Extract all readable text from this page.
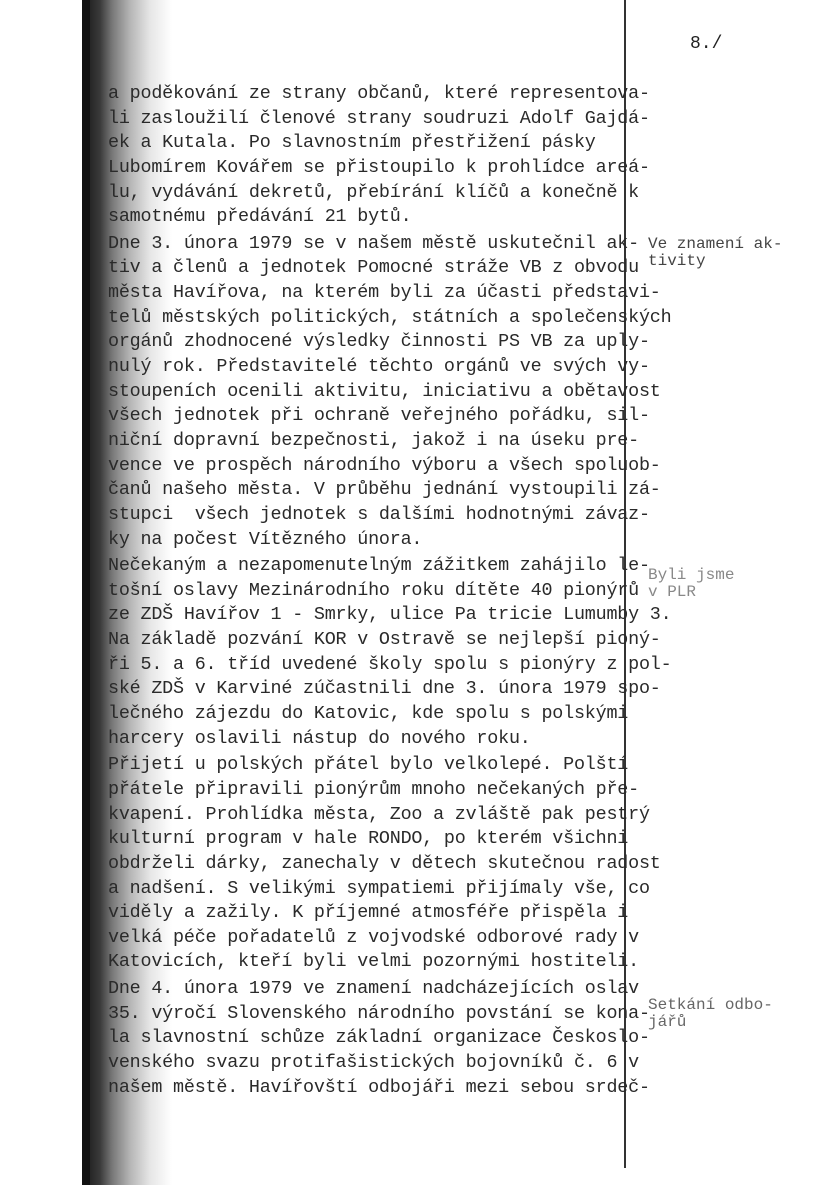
8./
a poděkování ze strany občanů, které representova-
li zasloužilí členové strany soudruzi Adolf Gajdá-
ek a Kutala. Po slavnostním přestřižení pásky
Lubomírem Kovářem se přistoupilo k prohlídce areá-
lu, vydávání dekretů, přebírání klíčů a konečně k
samotnému předávání 21 bytů.
Dne 3. února 1979 se v našem městě uskutečnil ak-
tiv a členů a jednotek Pomocné stráže VB z obvodu
města Havířova, na kterém byli za účasti představi-
telů městských politických, státních a společenských
orgánů zhodnocené výsledky činnosti PS VB za uply-
nulý rok. Představitelé těchto orgánů ve svých vy-
stoupeních ocenili aktivitu, iniciativu a obětavost
všech jednotek při ochraně veřejného pořádku, sil-
niční dopravní bezpečnosti, jakož i na úseku pre-
vence ve prospěch národního výboru a všech spoluob-
čanů našeho města. V průběhu jednání vystoupili zá-
stupci  všech jednotek s dalšími hodnotnými závaz-
ky na počest Vítězného února.
Nečekaným a nezapomenutelným zážitkem zahájilo le-
tošní oslavy Mezinárodního roku dítěte 40 pionýrů
ze ZDŠ Havířov 1 - Smrky, ulice Pa tricie Lumumby 3.
Na základě pozvání KOR v Ostravě se nejlepší pioný-
ři 5. a 6. tříd uvedené školy spolu s pionýry z pol-
ské ZDŠ v Karviné zúčastnili dne 3. února 1979 spo-
lečného zájezdu do Katovic, kde spolu s polskými
harcery oslavili nástup do nového roku.
Přijetí u polských přátel bylo velkolepé. Polští
přátele připravili pionýrům mnoho nečekaných pře-
kvapení. Prohlídka města, Zoo a zvláště pak pestrý
kulturní program v hale RONDO, po kterém všichni
obdrželi dárky, zanechaly v dětech skutečnou radost
a nadšení. S velikými sympatiemi přijímaly vše, co
viděly a zažily. K příjemné atmosféře přispěla i
velká péče pořadatelů z vojvodské odborové rady v
Katovicích, kteří byli velmi pozornými hostiteli.
Dne 4. února 1979 ve znamení nadcházejících oslav
35. výročí Slovenského národního povstání se kona-
la slavnostní schůze základní organizace Českoslo-
venského svazu protifašistických bojovníků č. 6 v
našem městě. Havířovští odbojáři mezi sebou srdeč-
Ve znamení ak-
tivity
Byli jsme
v PLR
Setkání odbo-
jářů
